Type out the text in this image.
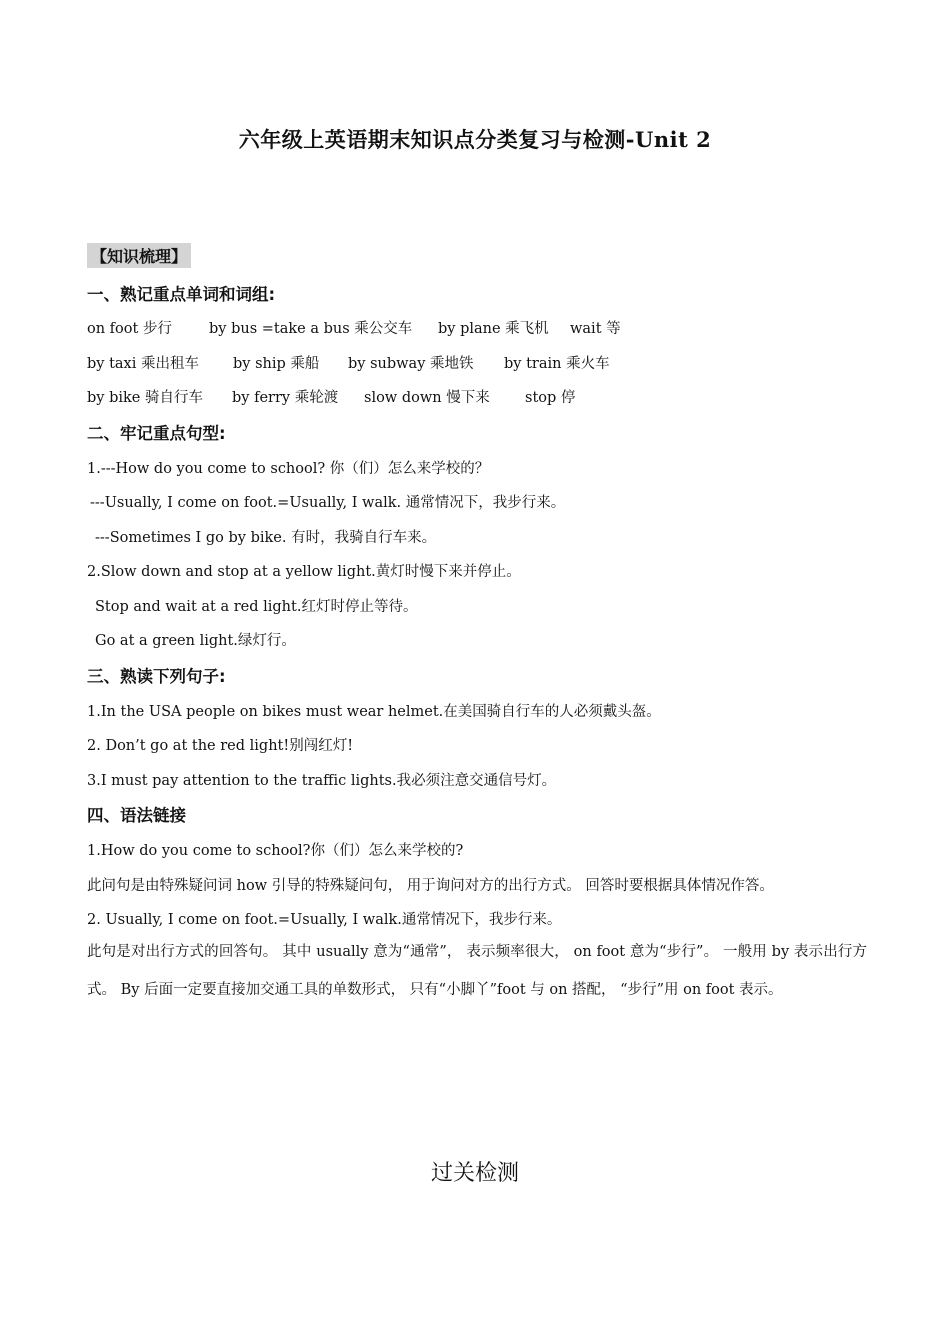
六年级上英语期末知识点分类复习与检测-Unit 2
【知识梳理】
一、熟记重点单词和词组:
on foot 步行	by bus =take a bus 乘公交车 by plane 乘飞机 wait 等
by taxi 乘出租车 by ship 乘船 by subway 乘地铁 by train 乘火车
by bike 骑自行车 by ferry 乘轮渡 slow down 慢下来 stop 停
二、牢记重点句型:
1.---How do you come to school? 你（们）怎么来学校的？
---Usually, I come on foot.=Usually, I walk. 通常情况下，我步行来。
---Sometimes I go by bike. 有时，我骑自行车来。
2.Slow down and stop at a yellow light.黄灯时慢下来并停止。
Stop and wait at a red light.红灯时停止等待。
Go at a green light.绿灯行。
三、熟读下列句子:
1.In the USA people on bikes must wear helmet.在美国骑自行车的人必须戴头盔。
2. Don’t go at the red light!别闯红灯!
3.I must pay attention to the traffic lights.我必须注意交通信号灯。
四、语法链接
1.How do you come to school?你（们）怎么来学校的?
此问句是由特殊疑问词 how 引导的特殊疑问句， 用于询问对方的出行方式。 回答时要根据具体情况作答。
2. Usually, I come on foot.=Usually, I walk.通常情况下，我步行来。
此句是对出行方式的回答句。 其中 usually 意为“通常”， 表示频率很大， on foot 意为“步行”。 一般用 by 表示出行方式。 By 后面一定要直接加交通工具的单数形式， 只有“小脚丫”foot 与 on 搭配， “步行”用 on foot 表示。
过关检测
